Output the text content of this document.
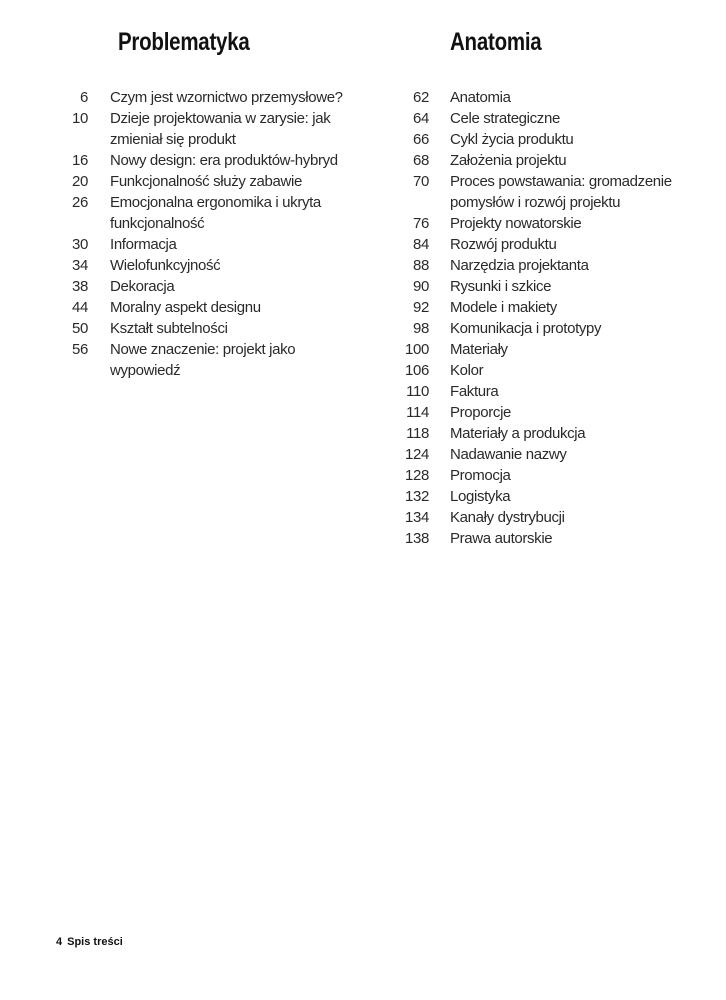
Problematyka	Anatomia
6 Czym jest wzornictwo przemysłowe?
10 Dzieje projektowania w zarysie: jak
zmieniał się produkt
16 Nowy design: era produktów-hybryd
20 Funkcjonalność służy zabawie
26 Emocjonalna ergonomika i ukryta
funkcjonalność
30 Informacja
34 Wielofunkcyjność
38 Dekoracja
44 Moralny aspekt designu
50 Kształt subtelności
56 Nowe znaczenie: projekt jako
wypowiedź
62 Anatomia
64 Cele strategiczne
66 Cykl życia produktu
68 Założenia projektu
70 Proces powstawania: gromadzenie
pomysłów i rozwój projektu
76 Projekty nowatorskie
84 Rozwój produktu
88 Narzędzia projektanta
90 Rysunki i szkice
92 Modele i makiety
98 Komunikacja i prototypy
100 Materiały
106 Kolor
110 Faktura
114 Proporcje
118 Materiały a produkcja
124 Nadawanie nazwy
128 Promocja
132 Logistyka
134 Kanały dystrybucji
138 Prawa autorskie
4 Spis treści
